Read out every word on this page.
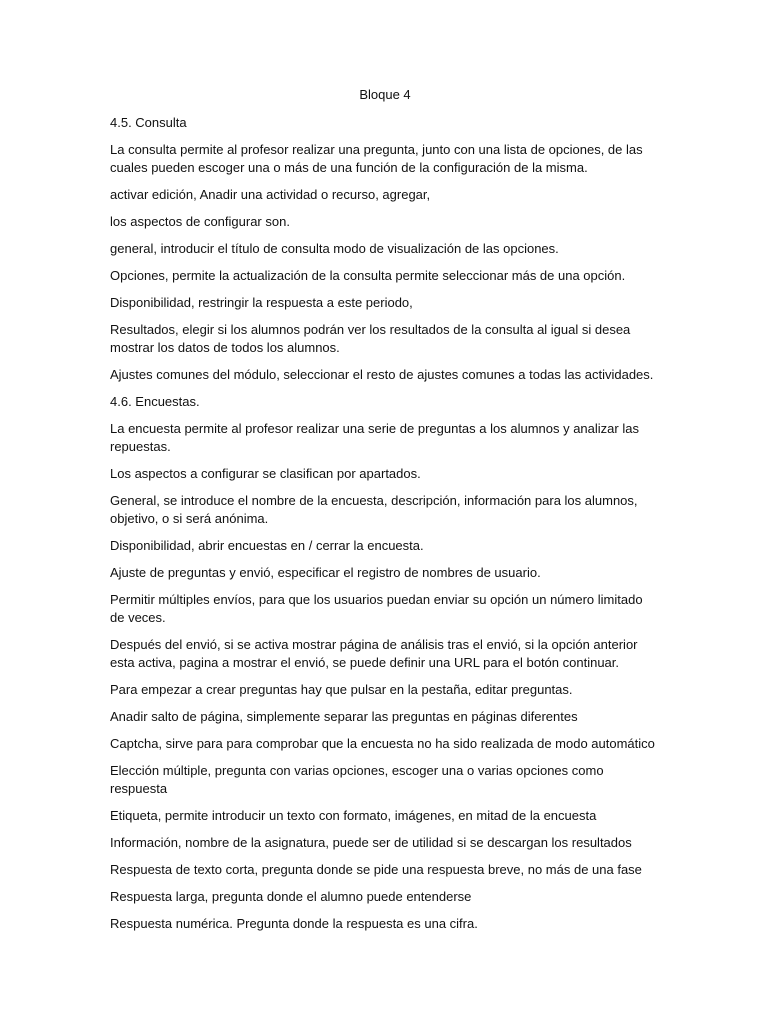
Bloque 4

4.5. Consulta

La consulta permite al profesor realizar una pregunta, junto con una lista de opciones, de las cuales pueden escoger una o más de una función de la configuración de la misma.

activar edición, Anadir una actividad o recurso, agregar,

los aspectos de configurar son.

general, introducir el título de consulta modo de visualización de las opciones.

Opciones, permite la actualización de la consulta permite seleccionar más de una opción.

Disponibilidad, restringir la respuesta a este periodo,

Resultados, elegir si los alumnos podrán ver los resultados de la consulta al igual si desea mostrar los datos de todos los alumnos.

Ajustes comunes del módulo, seleccionar el resto de ajustes comunes a todas las actividades.

4.6. Encuestas.

La encuesta permite al profesor realizar una serie de preguntas a los alumnos y analizar las repuestas.

Los aspectos a configurar se clasifican por apartados.

General, se introduce el nombre de la encuesta, descripción, información para los alumnos, objetivo, o si será anónima.

Disponibilidad, abrir encuestas en / cerrar la encuesta.

Ajuste de preguntas y envió, especificar el registro de nombres de usuario.

Permitir múltiples envíos, para que los usuarios puedan enviar su opción un número limitado de veces.

Después del envió, si se activa mostrar página de análisis tras el envió, si la opción anterior esta activa, pagina a mostrar el envió, se puede definir una URL para el botón continuar.

Para empezar a crear preguntas hay que pulsar en la pestaña, editar preguntas.

Anadir salto de página, simplemente separar las preguntas en páginas diferentes

Captcha, sirve para para comprobar que la encuesta no ha sido realizada de modo automático

Elección múltiple, pregunta con varias opciones, escoger una o varias opciones como respuesta

Etiqueta, permite introducir un texto con formato, imágenes, en mitad de la encuesta

Información, nombre de la asignatura, puede ser de utilidad si se descargan los resultados

Respuesta de texto corta, pregunta donde se pide una respuesta breve, no más de una fase

Respuesta larga, pregunta donde el alumno puede entenderse

Respuesta numérica. Pregunta donde la respuesta es una cifra.
